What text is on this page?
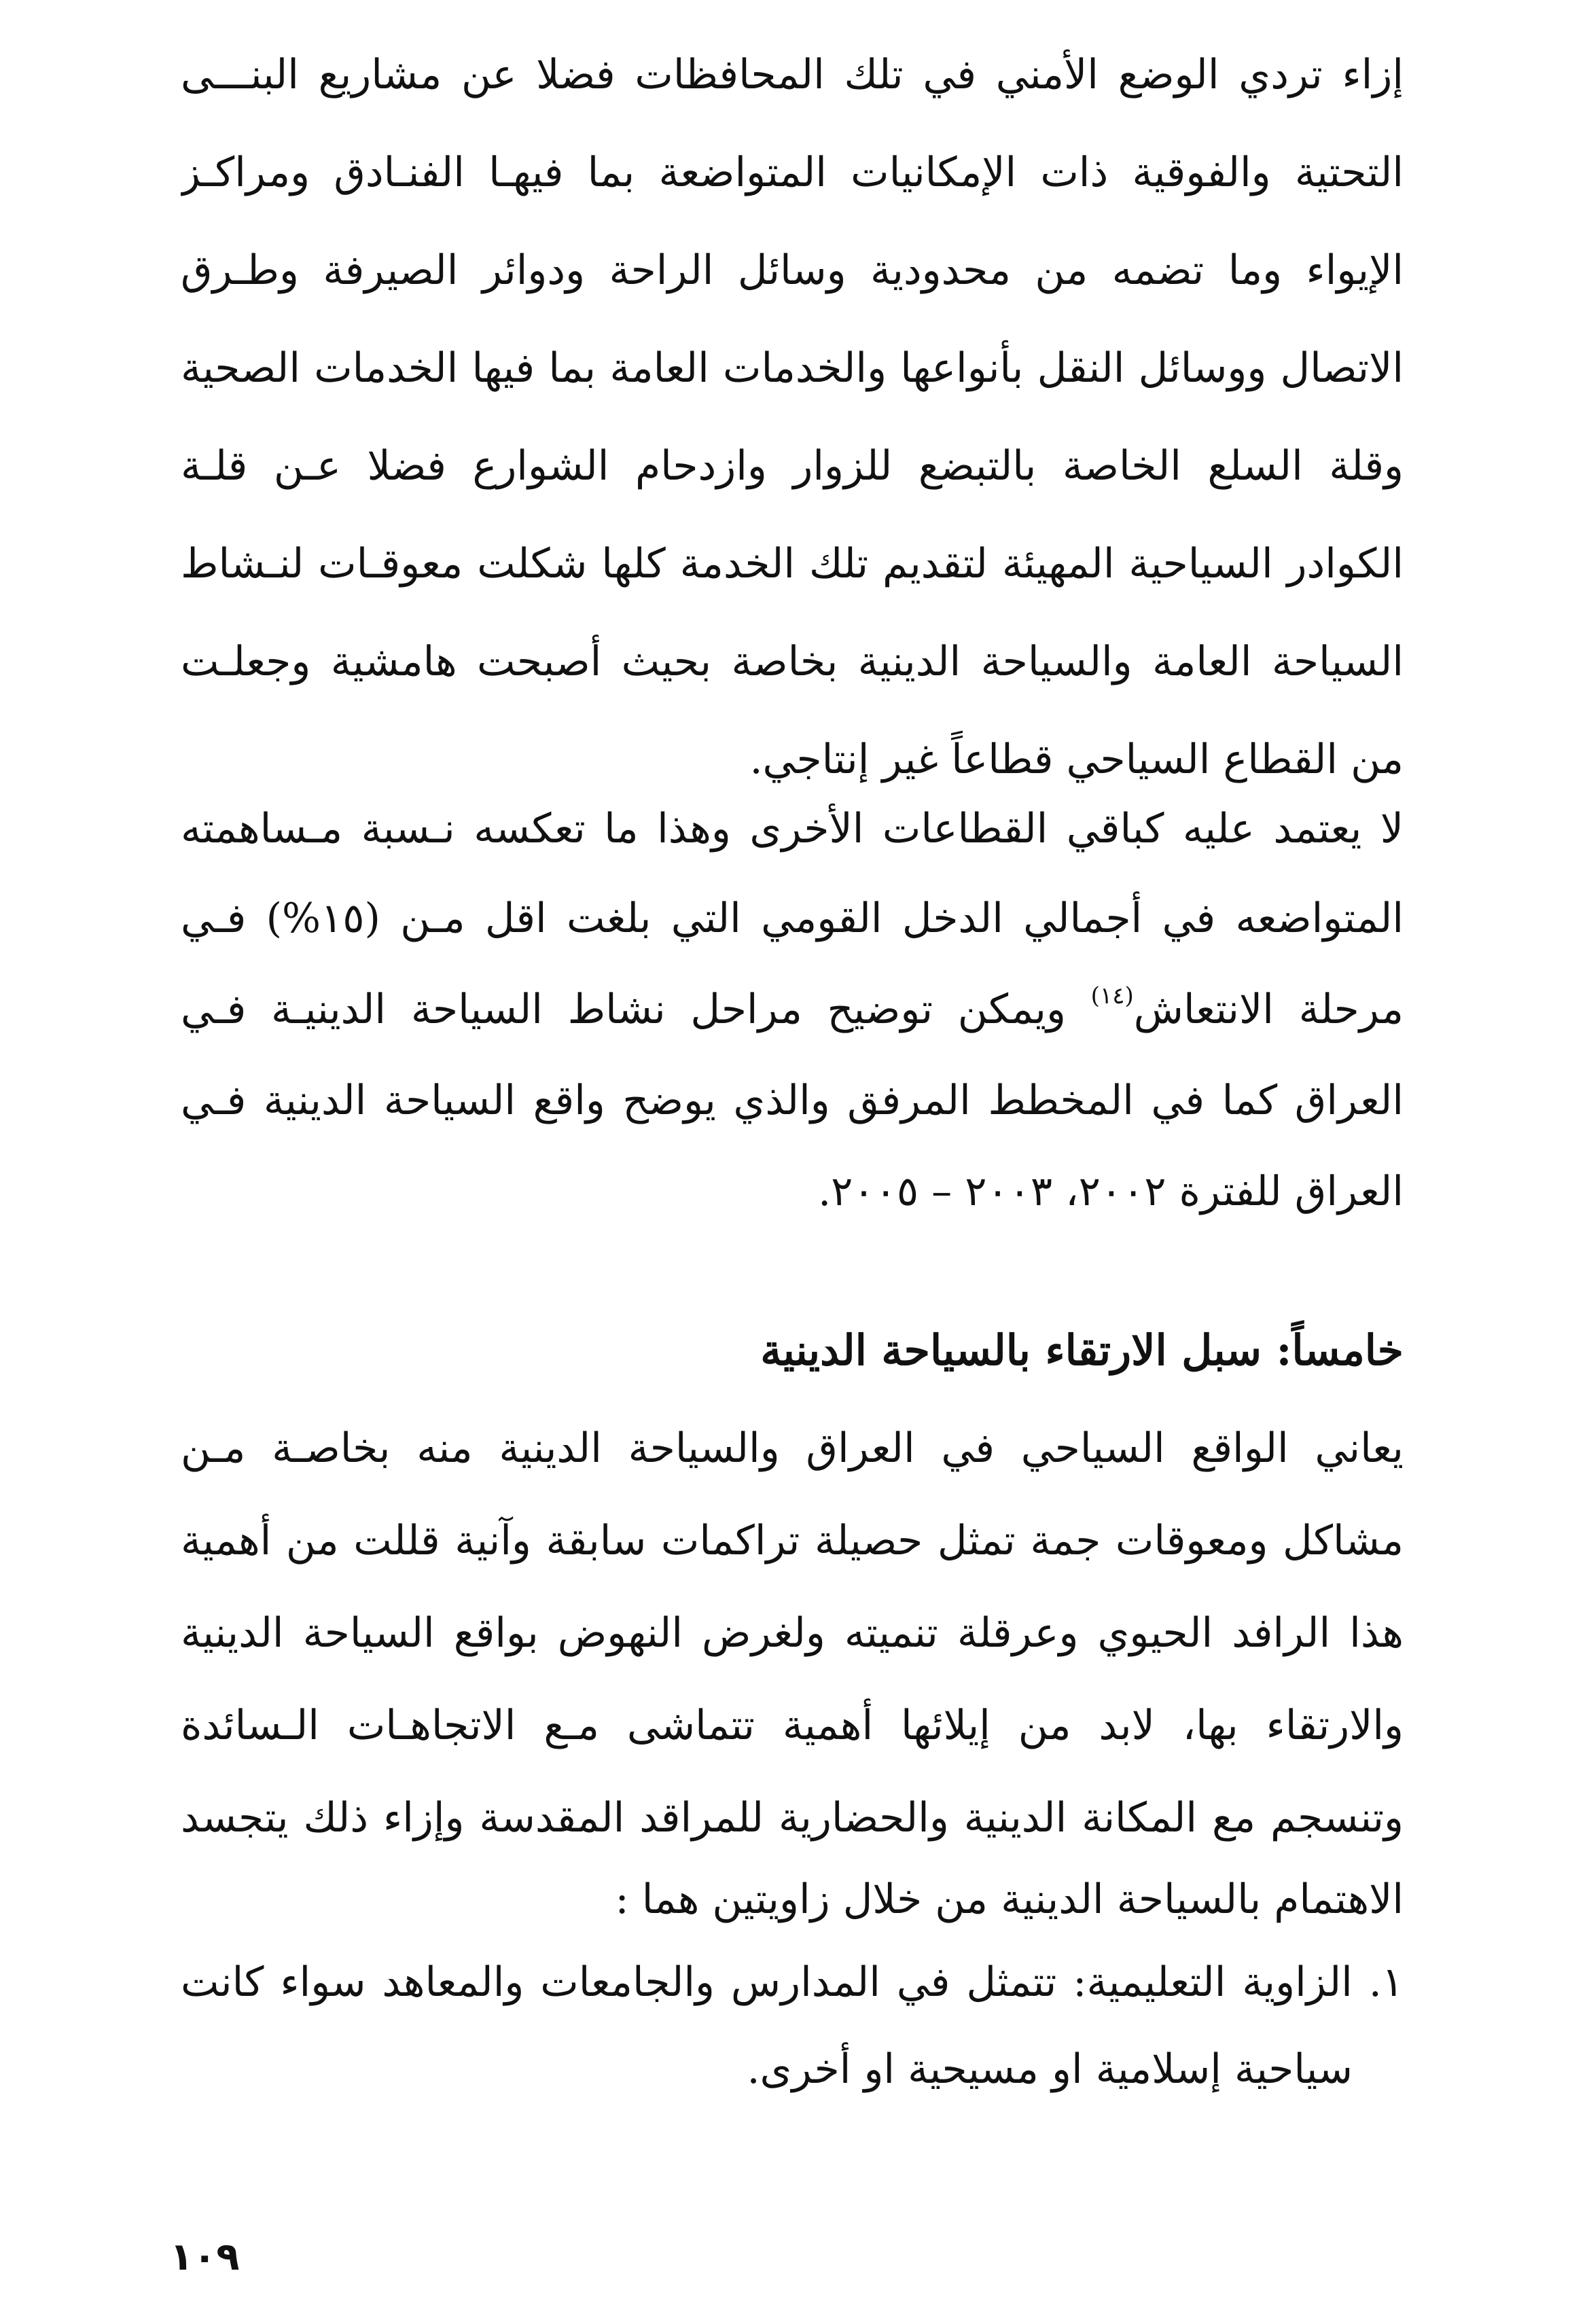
إزاء تردي الوضع الأمني في تلك المحافظات فضلا عن مشاريع البنـــى
التحتية والفوقية ذات الإمكانيات المتواضعة بما فيهـا الفنـادق ومراكـز
الإيواء وما تضمه من محدودية وسائل الراحة ودوائر الصيرفة وطـرق
الاتصال ووسائل النقل بأنواعها والخدمات العامة بما فيها الخدمات الصحية
وقلة السلع الخاصة بالتبضع للزوار وازدحام الشوارع فضلا عـن قلـة
الكوادر السياحية المهيئة لتقديم تلك الخدمة كلها شكلت معوقـات لنـشاط
السياحة العامة والسياحة الدينية بخاصة بحيث أصبحت هامشية وجعلـت
من القطاع السياحي قطاعاً غير إنتاجي.
لا يعتمد عليه كباقي القطاعات الأخرى وهذا ما تعكسه نـسبة مـساهمته
المتواضعه في أجمالي الدخل القومي التي بلغت اقل مـن (١٥%) فـي
مرحلة الانتعاش$^{(١٤)}$ ويمكن توضيح مراحل نشاط السياحة الدينيـة فـي
العراق كما في المخطط المرفق والذي يوضح واقع السياحة الدينية فـي
العراق للفترة ٢٠٠٢، ٢٠٠٣ – ٢٠٠٥.
خامساً: سبل الارتقاء بالسياحة الدينية
يعاني الواقع السياحي في العراق والسياحة الدينية منه بخاصـة مـن
مشاكل ومعوقات جمة تمثل حصيلة تراكمات سابقة وآنية قللت من أهمية
هذا الرافد الحيوي وعرقلة تنميته ولغرض النهوض بواقع السياحة الدينية
والارتقاء بها، لابد من إيلائها أهمية تتماشى مـع الاتجاهـات الـسائدة
وتنسجم مع المكانة الدينية والحضارية للمراقد المقدسة وإزاء ذلك يتجسد
الاهتمام بالسياحة الدينية من خلال زاويتين هما :
١. الزاوية التعليمية: تتمثل في المدارس والجامعات والمعاهد سواء كانت
سياحية إسلامية او مسيحية او أخرى.
١٠٩
